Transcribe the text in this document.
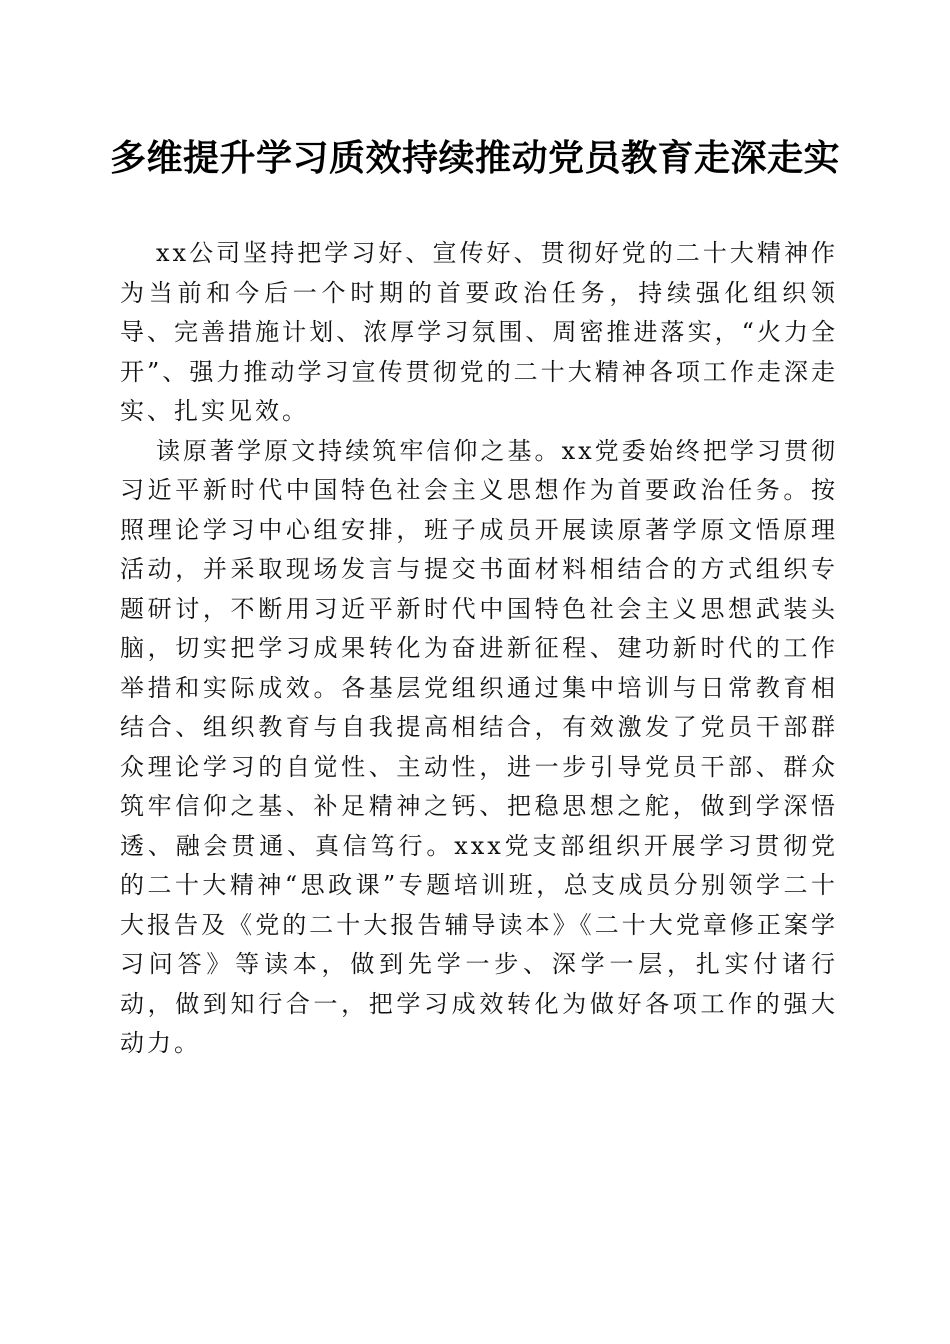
多维提升学习质效持续推动党员教育走深走实

xx公司坚持把学习好、宣传好、贯彻好党的二十大精神作为当前和今后一个时期的首要政治任务，持续强化组织领导、完善措施计划、浓厚学习氛围、周密推进落实，“火力全开”、强力推动学习宣传贯彻党的二十大精神各项工作走深走实、扎实见效。

读原著学原文持续筑牢信仰之基。xx党委始终把学习贯彻习近平新时代中国特色社会主义思想作为首要政治任务。按照理论学习中心组安排，班子成员开展读原著学原文悟原理活动，并采取现场发言与提交书面材料相结合的方式组织专题研讨，不断用习近平新时代中国特色社会主义思想武装头脑，切实把学习成果转化为奋进新征程、建功新时代的工作举措和实际成效。各基层党组织通过集中培训与日常教育相结合、组织教育与自我提高相结合，有效激发了党员干部群众理论学习的自觉性、主动性，进一步引导党员干部、群众筑牢信仰之基、补足精神之钙、把稳思想之舵，做到学深悟透、融会贯通、真信笃行。xxx党支部组织开展学习贯彻党的二十大精神“思政课”专题培训班，总支成员分别领学二十大报告及《党的二十大报告辅导读本》《二十大党章修正案学习问答》等读本，做到先学一步、深学一层，扎实付诸行动，做到知行合一，把学习成效转化为做好各项工作的强大动力。
